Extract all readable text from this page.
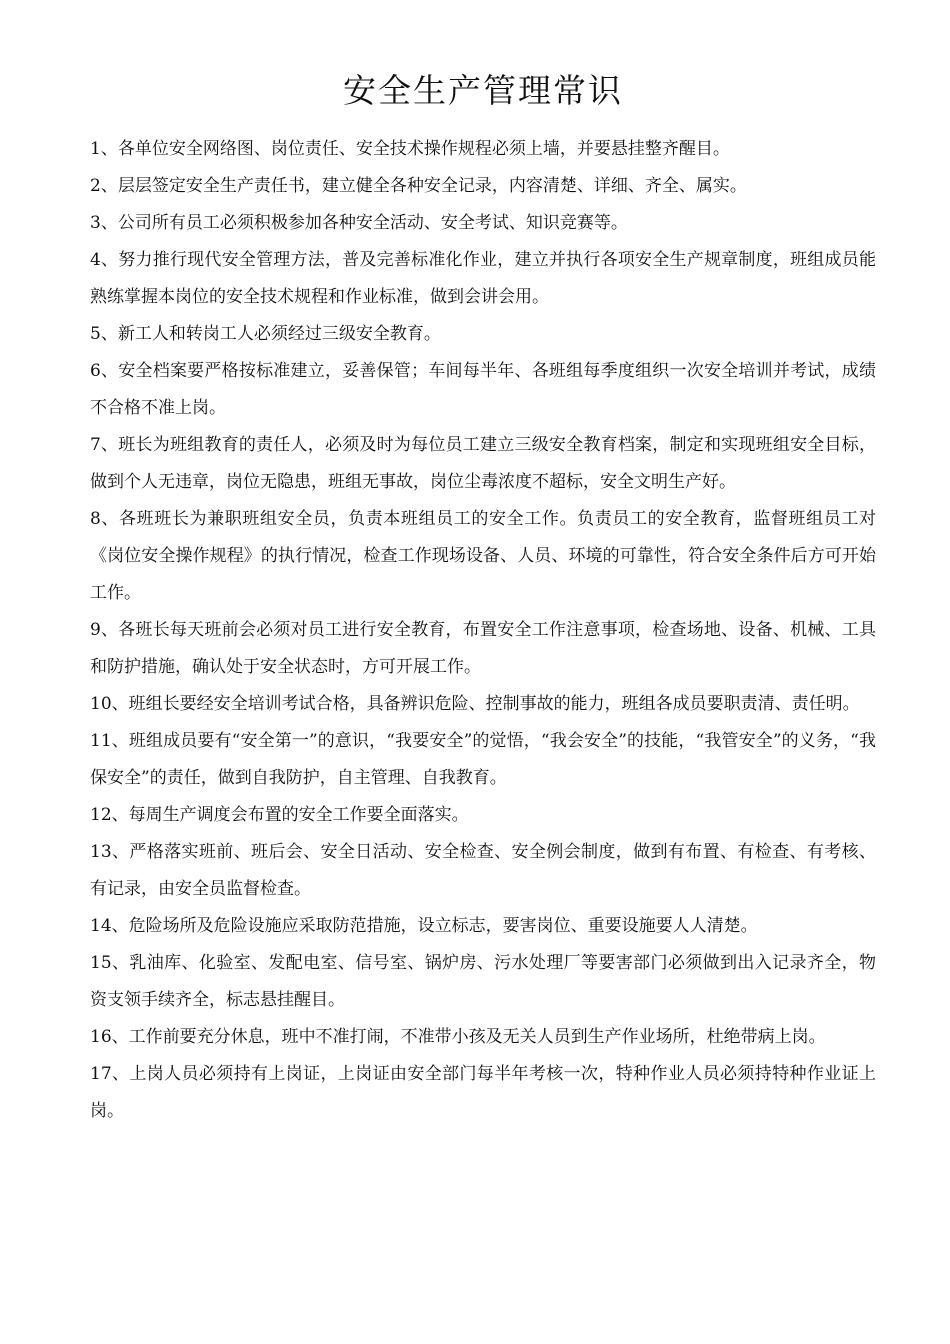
安全生产管理常识
1、各单位安全网络图、岗位责任、安全技术操作规程必须上墙，并要悬挂整齐醒目。
2、层层签定安全生产责任书，建立健全各种安全记录，内容清楚、详细、齐全、属实。
3、公司所有员工必须积极参加各种安全活动、安全考试、知识竞赛等。
4、努力推行现代安全管理方法，普及完善标准化作业，建立并执行各项安全生产规章制度，班组成员能熟练掌握本岗位的安全技术规程和作业标准，做到会讲会用。
5、新工人和转岗工人必须经过三级安全教育。
6、安全档案要严格按标准建立，妥善保管；车间每半年、各班组每季度组织一次安全培训并考试，成绩不合格不准上岗。
7、班长为班组教育的责任人，必须及时为每位员工建立三级安全教育档案，制定和实现班组安全目标，做到个人无违章，岗位无隐患，班组无事故，岗位尘毒浓度不超标，安全文明生产好。
8、各班班长为兼职班组安全员，负责本班组员工的安全工作。负责员工的安全教育，监督班组员工对《岗位安全操作规程》的执行情况，检查工作现场设备、人员、环境的可靠性，符合安全条件后方可开始工作。
9、各班长每天班前会必须对员工进行安全教育，布置安全工作注意事项，检查场地、设备、机械、工具和防护措施，确认处于安全状态时，方可开展工作。
10、班组长要经安全培训考试合格，具备辨识危险、控制事故的能力，班组各成员要职责清、责任明。
11、班组成员要有“安全第一”的意识，“我要安全”的觉悟，“我会安全”的技能，“我管安全”的义务，“我保安全”的责任，做到自我防护，自主管理、自我教育。
12、每周生产调度会布置的安全工作要全面落实。
13、严格落实班前、班后会、安全日活动、安全检查、安全例会制度，做到有布置、有检查、有考核、有记录，由安全员监督检查。
14、危险场所及危险设施应采取防范措施，设立标志，要害岗位、重要设施要人人清楚。
15、乳油库、化验室、发配电室、信号室、锅炉房、污水处理厂等要害部门必须做到出入记录齐全，物资支领手续齐全，标志悬挂醒目。
16、工作前要充分休息，班中不准打闹，不准带小孩及无关人员到生产作业场所，杜绝带病上岗。
17、上岗人员必须持有上岗证，上岗证由安全部门每半年考核一次，特种作业人员必须持特种作业证上岗。
